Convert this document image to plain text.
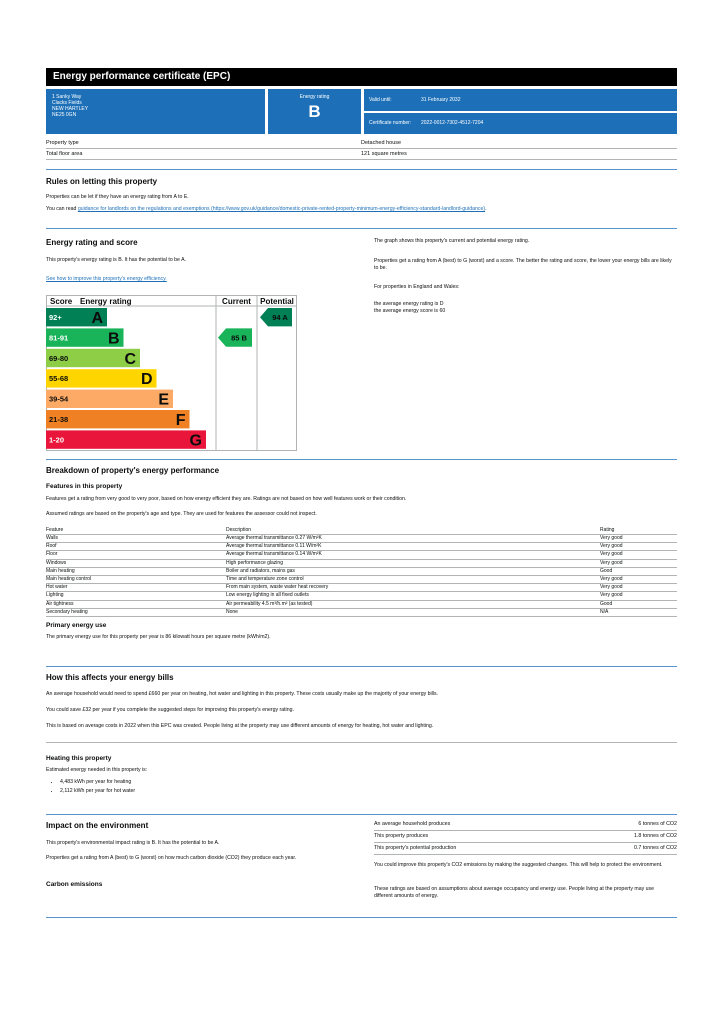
Energy performance certificate (EPC)
1 Sanky Way
Clacks Fields
NEW HARTLEY
NE25 0GN
Energy rating
B
Valid until:	31 February 2032
Certificate number:	2022-0012-7302-4512-7204
Property type	Detached house
Total floor area	121 square metres
Rules on letting this property
Properties can be let if they have an energy rating from A to E.
You can read guidance for landlords on the regulations and exemptions (https://www.gov.uk/guidance/domestic-private-rented-property-minimum-energy-efficiency-standard-landlord-guidance).
Energy rating and score
This property's energy rating is B. It has the potential to be A.
See how to improve this property's energy efficiency.
The graph shows this property's current and potential energy rating.
Properties get a rating from A (best) to G (worst) and a score. The better the rating and score, the lower your energy bills are likely to be.
For properties in England and Wales:
the average energy rating is D
the average energy score is 60
Score Energy rating	Current Potential
92+ A
81-91 B
69-80	C
55-68	D
39-54	E
21-38	F
1-20	G
85 B
94 A
Breakdown of property's energy performance
Features in this property
Features get a rating from very good to very poor, based on how energy efficient they are. Ratings are not based on how well features work or their condition.
Assumed ratings are based on the property's age and type. They are used for features the assessor could not inspect.
Feature	Description	Rating
Walls	Average thermal transmittance 0.27 W/m²K	Very good
Roof	Average thermal transmittance 0.11 W/m²K	Very good
Floor	Average thermal transmittance 0.14 W/m²K	Very good
Windows	High performance glazing	Very good
Main heating	Boiler and radiators, mains gas	Good
Main heating control	Time and temperature zone control	Very good
Hot water	From main system, waste water heat recovery	Very good
Lighting	Low energy lighting in all fixed outlets	Very good
Air tightness	Air permeability 4.5 m³/h.m² (as tested)	Good
Secondary heating	None	N/A
Primary energy use
The primary energy use for this property per year is 86 kilowatt hours per square metre (kWh/m2).
How this affects your energy bills
An average household would need to spend £660 per year on heating, hot water and lighting in this property. These costs usually make up the majority of your energy bills.
You could save £32 per year if you complete the suggested steps for improving this property's energy rating.
This is based on average costs in 2022 when this EPC was created. People living at the property may use different amounts of energy for heating, hot water and lighting.
Heating this property
Estimated energy needed in this property is:
• 4,483 kWh per year for heating
• 2,112 kWh per year for hot water
Impact on the environment
This property's environmental impact rating is B. It has the potential to be A.
Properties get a rating from A (best) to G (worst) on how much carbon dioxide (CO2) they produce each year.
Carbon emissions
An average household produces	6 tonnes of CO2
This property produces	1.8 tonnes of CO2
This property's potential production	0.7 tonnes of CO2
You could improve this property's CO2 emissions by making the suggested changes. This will help to protect the environment.
These ratings are based on assumptions about average occupancy and energy use. People living at the property may use different amounts of energy.
